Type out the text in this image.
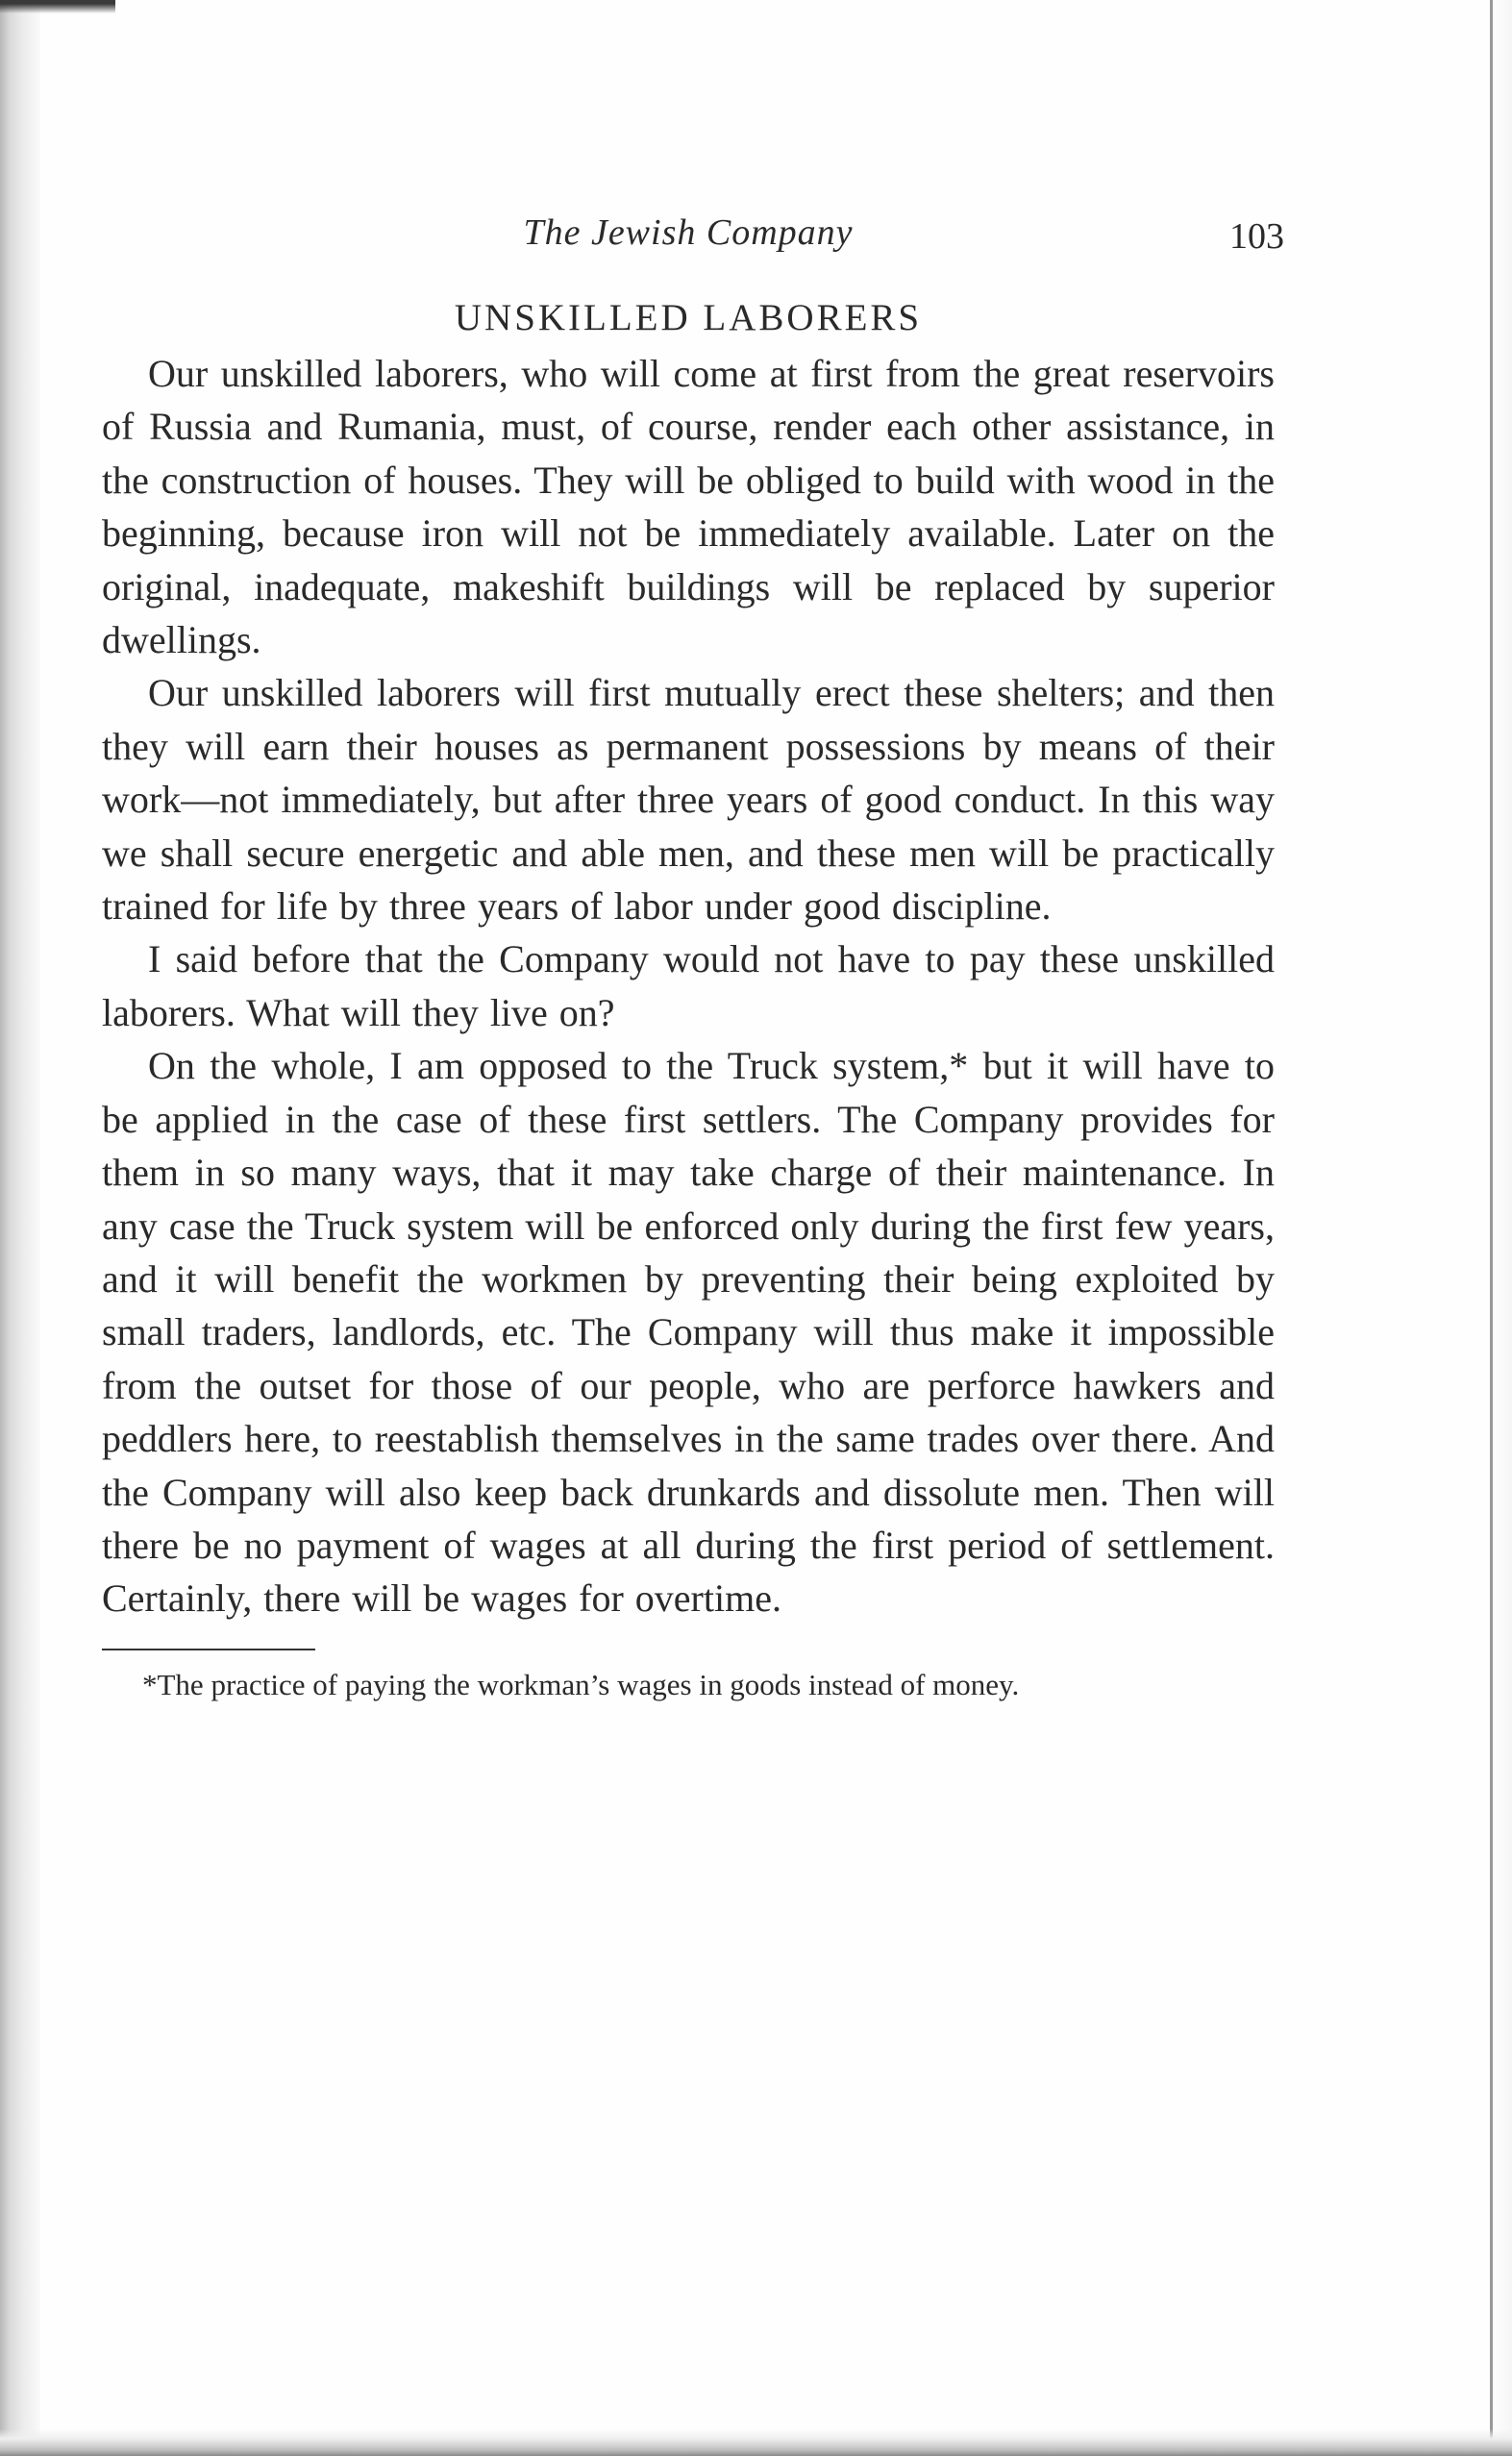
The Jewish Company	103
UNSKILLED LABORERS

Our unskilled laborers, who will come at first from the great reservoirs of Russia and Rumania, must, of course, render each other assistance, in the construction of houses. They will be obliged to build with wood in the beginning, because iron will not be immediately available. Later on the original, inadequate, makeshift buildings will be replaced by superior dwellings.

Our unskilled laborers will first mutually erect these shelters; and then they will earn their houses as permanent possessions by means of their work—not immediately, but after three years of good conduct. In this way we shall secure energetic and able men, and these men will be practically trained for life by three years of labor under good discipline.

I said before that the Company would not have to pay these unskilled laborers. What will they live on?

On the whole, I am opposed to the Truck system,* but it will have to be applied in the case of these first settlers. The Company provides for them in so many ways, that it may take charge of their maintenance. In any case the Truck system will be enforced only during the first few years, and it will benefit the workmen by preventing their being exploited by small traders, landlords, etc. The Company will thus make it impossible from the outset for those of our people, who are perforce hawkers and peddlers here, to reestablish themselves in the same trades over there. And the Company will also keep back drunkards and dissolute men. Then will there be no payment of wages at all during the first period of settlement. Certainly, there will be wages for overtime.

*The practice of paying the workman’s wages in goods instead of money.
